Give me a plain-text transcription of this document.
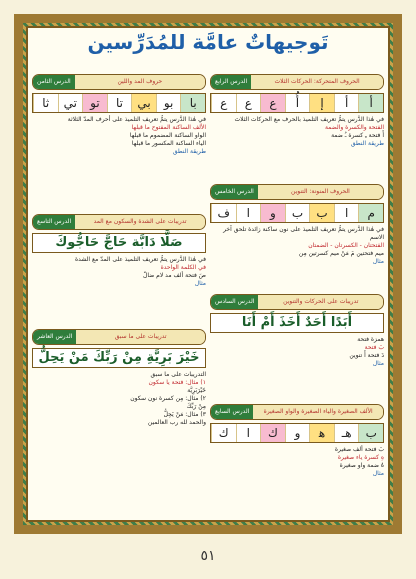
تَوجيهاتٌ عامَّة للمُدَرِّسين
الحروف المتحركة: الحركات الثلاث
الدرس الرابع
أ
أ
إ
أُ
ع
ع
ع
في هٰذا الدَّرس يتمُّ تعريف التلميذ بالحرف مع الحركات الثلاث
الفتحة والكسرة والضمة
أَ فتحة ـِ كسرة ـُ ضمة
طريقة النطق
الحروف المنونة: التنوين
الدرس الخامس
م
ا
ب
ب
و
ا
ف
في هٰذا الدَّرس يتمُّ تعريف التلميذ على نون ساكنة زائدة تلحق آخر الاسم
الفتحتان - الكسرتان - الضمتان
ميم فتحتين مَ مَنْ ميم كسرتين مِن
مثال
تدريبات على الحركات والتنوين
الدرس السادس
أَبَدًا أَحَدٌ أَخَذَ أَمْ أَنَا
همزة فتحة
بَ فتحة
دَ فتحة أَ تنوين
مثال
الألف الصغيرة والياء الصغيرة والواو الصغيرة
الدرس السابع
ب
هـ
ﮬ
و
ك
ا
ك
بَ فتحة ألف صغيرة
هِ كسرة ياء صغيرة
هُ ضمة واو صغيرة
مثال
حروف المد واللين
الدرس الثامن
با
بو
بي
تا
تو
تي
ثا
في هٰذا الدَّرس يتمُّ تعريف التلميذ على أحرف المدّ الثلاثة
الألف الساكنة المفتوح ما قبلها
الواو الساكنة المضموم ما قبلها
الياء الساكنة المكسور ما قبلها
طريقة النطق
تدريبات على الشدة والسكون مع المد
الدرس التاسع
صَلَّا دَابَّة حَاجَّ حَاجُّوكَ
في هٰذا الدَّرس يتمُّ تعريف التلميذ على المدّ مع الشدة
في الكلمة الواحدة
صَ فتحة ألف مد لام ضالّ
مثال
تدريبات على ما سبق
الدرس العاشر
خَيْرَ بَرِيَّةِ مِنْ رَبِّكَ مَنْ يَحِلُّ
التدريبات على ما سبق
١) مثال: فتحة يا سكون
خَيْرَبَرِيَّة
٢) مثال: مِن كسرة نون سكون
مِنْ رَبِّكَ
٣) مثال: مَنْ يَحِلُّ
والحمد لله رب العالمين
٥١
